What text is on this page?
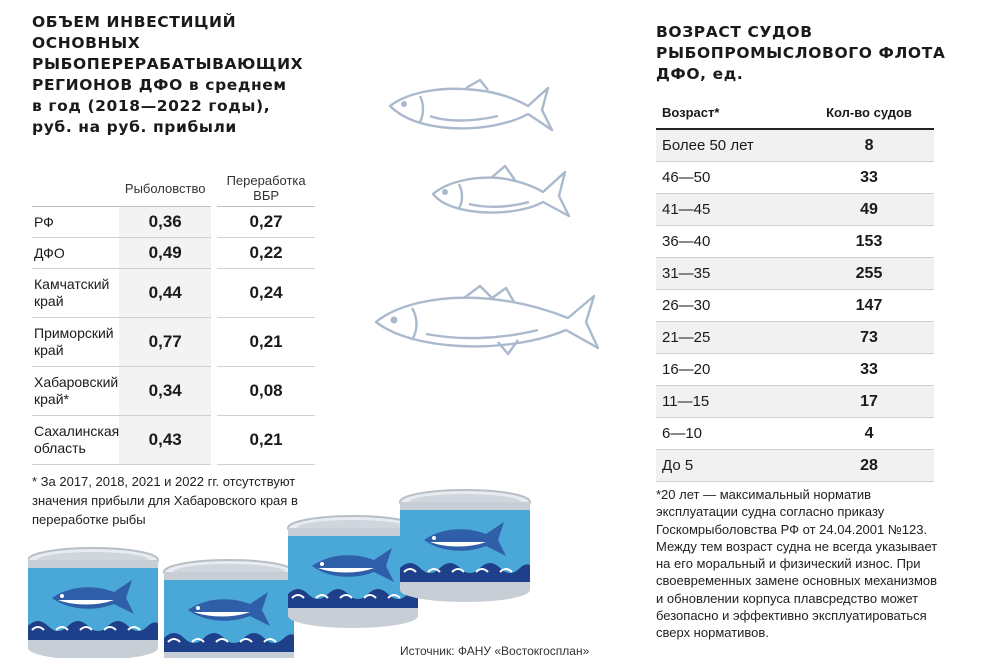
ОБЪЕМ ИНВЕСТИЦИЙ
ОСНОВНЫХ
РЫБОПЕРЕРАБАТЫВАЮЩИХ
РЕГИОНОВ ДФО в среднем
в год (2018—2022 годы),
руб. на руб. прибыли
	Рыболовство	Переработка ВБР
РФ	0,36	0,27
ДФО	0,49	0,22
Камчатский край	0,44	0,24
Приморский край	0,77	0,21
Хабаровский край*	0,34	0,08
Сахалинская область	0,43	0,21
* За 2017, 2018, 2021 и 2022 гг. отсутствуют значения прибыли для Хабаровского края в переработке рыбы
Источник: ФАНУ «Востокгосплан»
ВОЗРАСТ СУДОВ
РЫБОПРОМЫСЛОВОГО ФЛОТА
ДФО, ед.
Возраст*	Кол-во судов
Более 50 лет	8
46—50	33
41—45	49
36—40	153
31—35	255
26—30	147
21—25	73
16—20	33
11—15	17
6—10	4
До 5	28
*20 лет — максимальный норматив эксплуатации судна согласно приказу Госкомрыболовства РФ от 24.04.2001 №123. Между тем возраст судна не всегда указывает на его моральный и физический износ. При своевременных замене основных механизмов и обновлении корпуса плавсредство может безопасно и эффективно эксплуатироваться сверх нормативов.
